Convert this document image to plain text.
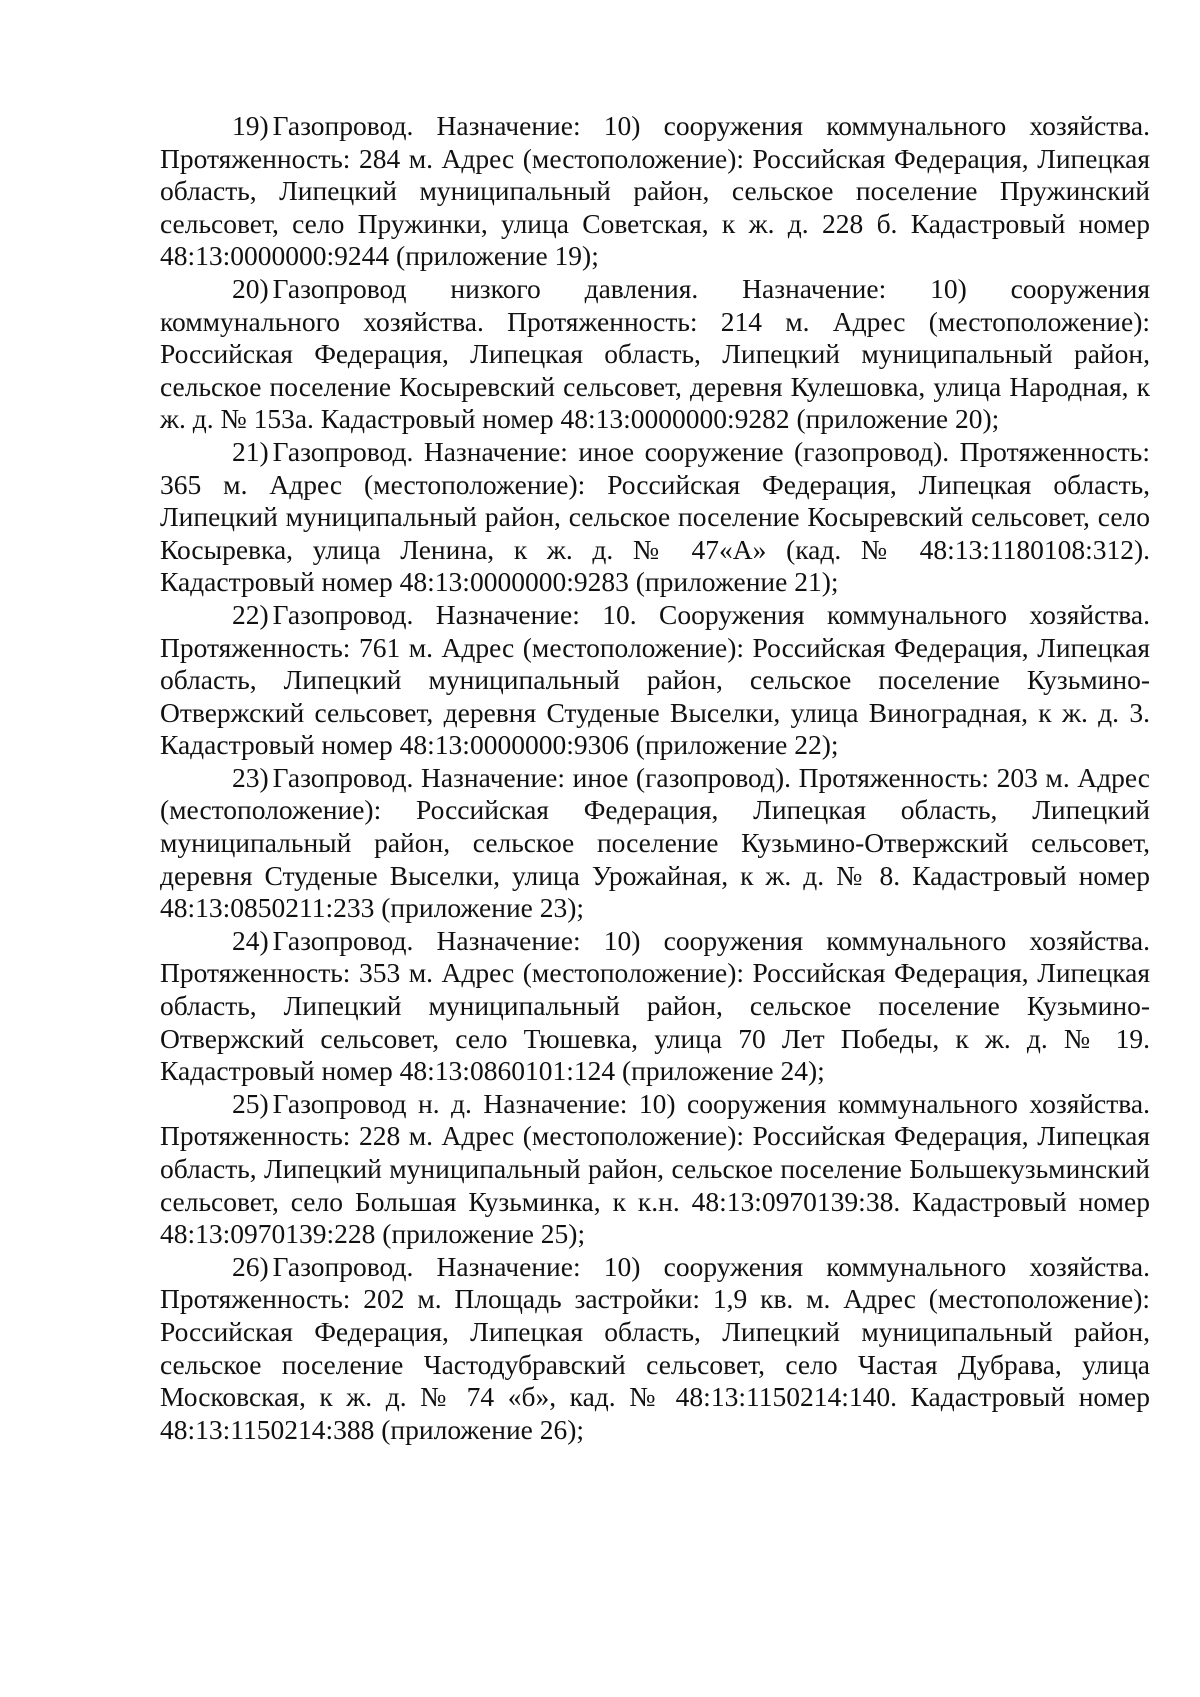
19) Газопровод. Назначение: 10) сооружения коммунального хозяйства. Протяженность: 284 м. Адрес (местоположение): Российская Федерация, Липецкая область, Липецкий муниципальный район, сельское поселение Пружинский сельсовет, село Пружинки, улица Советская, к ж. д. 228 б. Кадастровый номер 48:13:0000000:9244 (приложение 19);

20) Газопровод низкого давления. Назначение: 10) сооружения коммунального хозяйства. Протяженность: 214 м. Адрес (местоположение): Российская Федерация, Липецкая область, Липецкий муниципальный район, сельское поселение Косыревский сельсовет, деревня Кулешовка, улица Народная, к ж. д. № 153а. Кадастровый номер 48:13:0000000:9282 (приложение 20);

21) Газопровод. Назначение: иное сооружение (газопровод). Протяженность: 365 м. Адрес (местоположение): Российская Федерация, Липецкая область, Липецкий муниципальный район, сельское поселение Косыревский сельсовет, село Косыревка, улица Ленина, к ж. д. № 47«А» (кад. № 48:13:1180108:312). Кадастровый номер 48:13:0000000:9283 (приложение 21);

22) Газопровод. Назначение: 10. Сооружения коммунального хозяйства. Протяженность: 761 м. Адрес (местоположение): Российская Федерация, Липецкая область, Липецкий муниципальный район, сельское поселение Кузьмино-Отвержский сельсовет, деревня Студеные Выселки, улица Виноградная, к ж. д. 3. Кадастровый номер 48:13:0000000:9306 (приложение 22);

23) Газопровод. Назначение: иное (газопровод). Протяженность: 203 м. Адрес (местоположение): Российская Федерация, Липецкая область, Липецкий муниципальный район, сельское поселение Кузьмино-Отвержский сельсовет, деревня Студеные Выселки, улица Урожайная, к ж. д. № 8. Кадастровый номер 48:13:0850211:233 (приложение 23);

24) Газопровод. Назначение: 10) сооружения коммунального хозяйства. Протяженность: 353 м. Адрес (местоположение): Российская Федерация, Липецкая область, Липецкий муниципальный район, сельское поселение Кузьмино-Отвержский сельсовет, село Тюшевка, улица 70 Лет Победы, к ж. д. № 19. Кадастровый номер 48:13:0860101:124 (приложение 24);

25) Газопровод н. д. Назначение: 10) сооружения коммунального хозяйства. Протяженность: 228 м. Адрес (местоположение): Российская Федерация, Липецкая область, Липецкий муниципальный район, сельское поселение Большекузьминский сельсовет, село Большая Кузьминка, к к.н. 48:13:0970139:38. Кадастровый номер 48:13:0970139:228 (приложение 25);

26) Газопровод. Назначение: 10) сооружения коммунального хозяйства. Протяженность: 202 м. Площадь застройки: 1,9 кв. м. Адрес (местоположение): Российская Федерация, Липецкая область, Липецкий муниципальный район, сельское поселение Частодубравский сельсовет, село Частая Дубрава, улица Московская, к ж. д. № 74 «б», кад. № 48:13:1150214:140. Кадастровый номер 48:13:1150214:388 (приложение 26);
